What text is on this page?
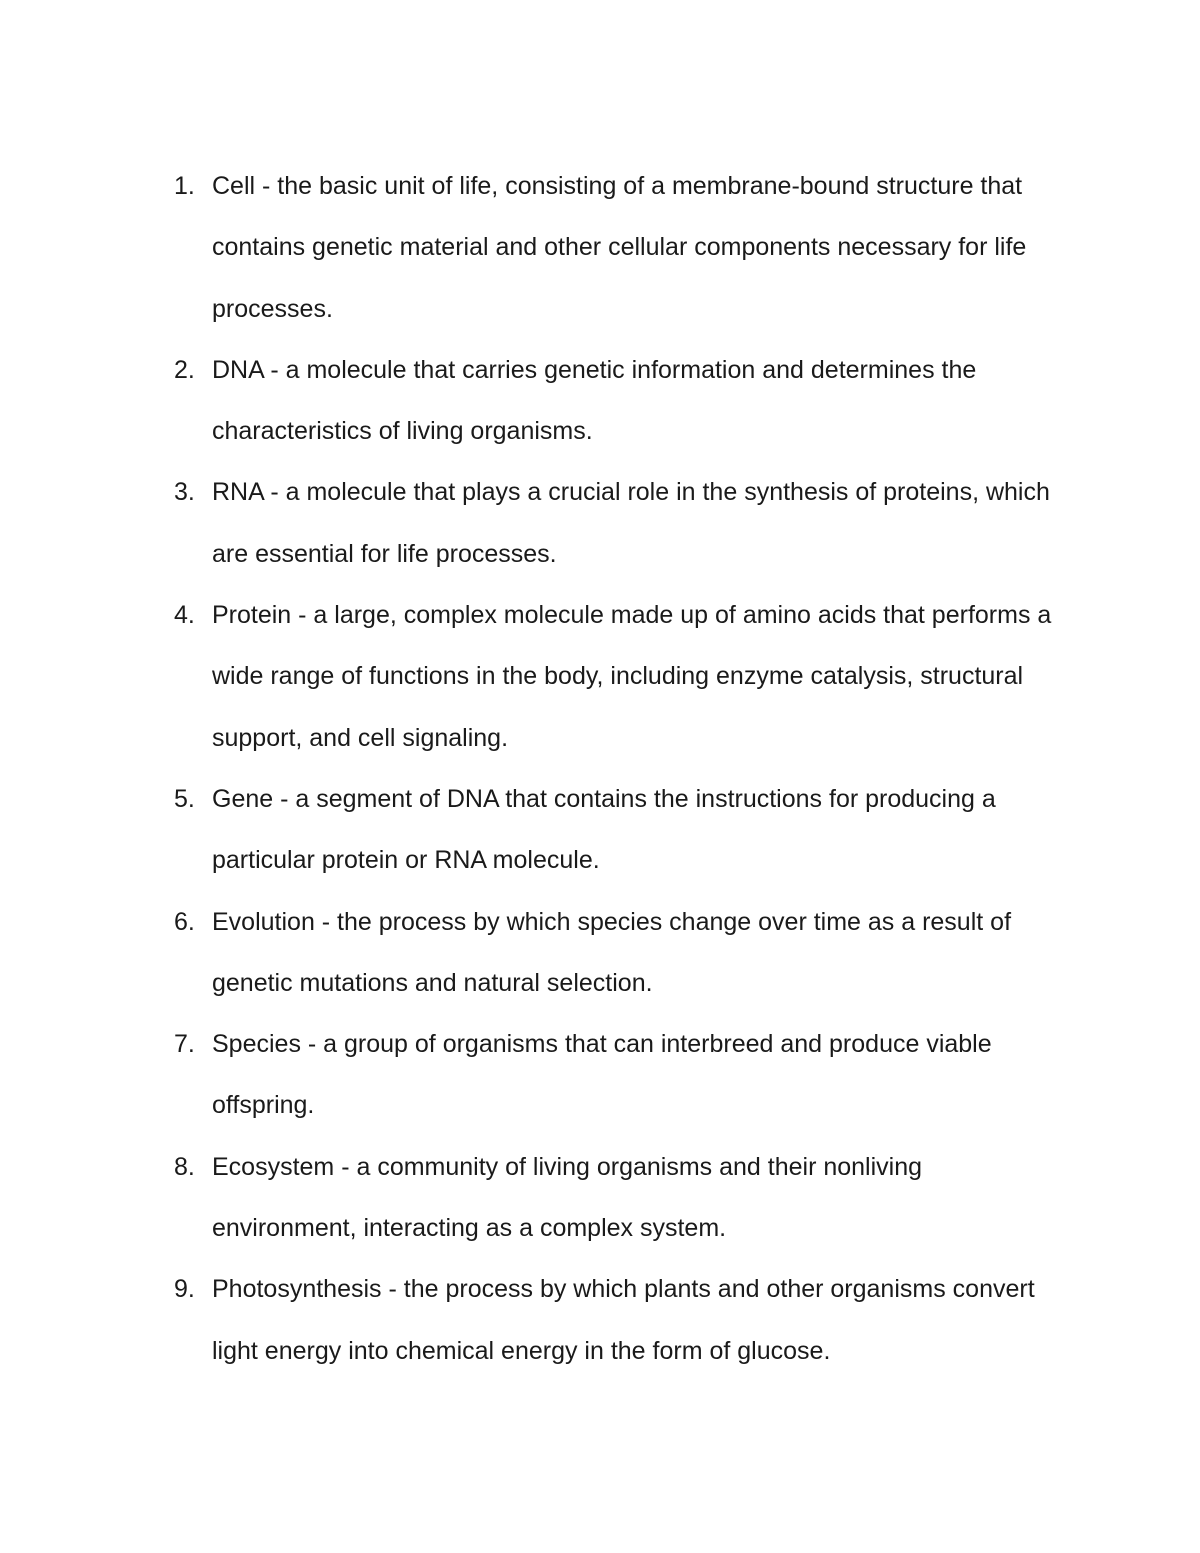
1. Cell - the basic unit of life, consisting of a membrane-bound structure that contains genetic material and other cellular components necessary for life processes.
2. DNA - a molecule that carries genetic information and determines the characteristics of living organisms.
3. RNA - a molecule that plays a crucial role in the synthesis of proteins, which are essential for life processes.
4. Protein - a large, complex molecule made up of amino acids that performs a wide range of functions in the body, including enzyme catalysis, structural support, and cell signaling.
5. Gene - a segment of DNA that contains the instructions for producing a particular protein or RNA molecule.
6. Evolution - the process by which species change over time as a result of genetic mutations and natural selection.
7. Species - a group of organisms that can interbreed and produce viable offspring.
8. Ecosystem - a community of living organisms and their nonliving environment, interacting as a complex system.
9. Photosynthesis - the process by which plants and other organisms convert light energy into chemical energy in the form of glucose.
